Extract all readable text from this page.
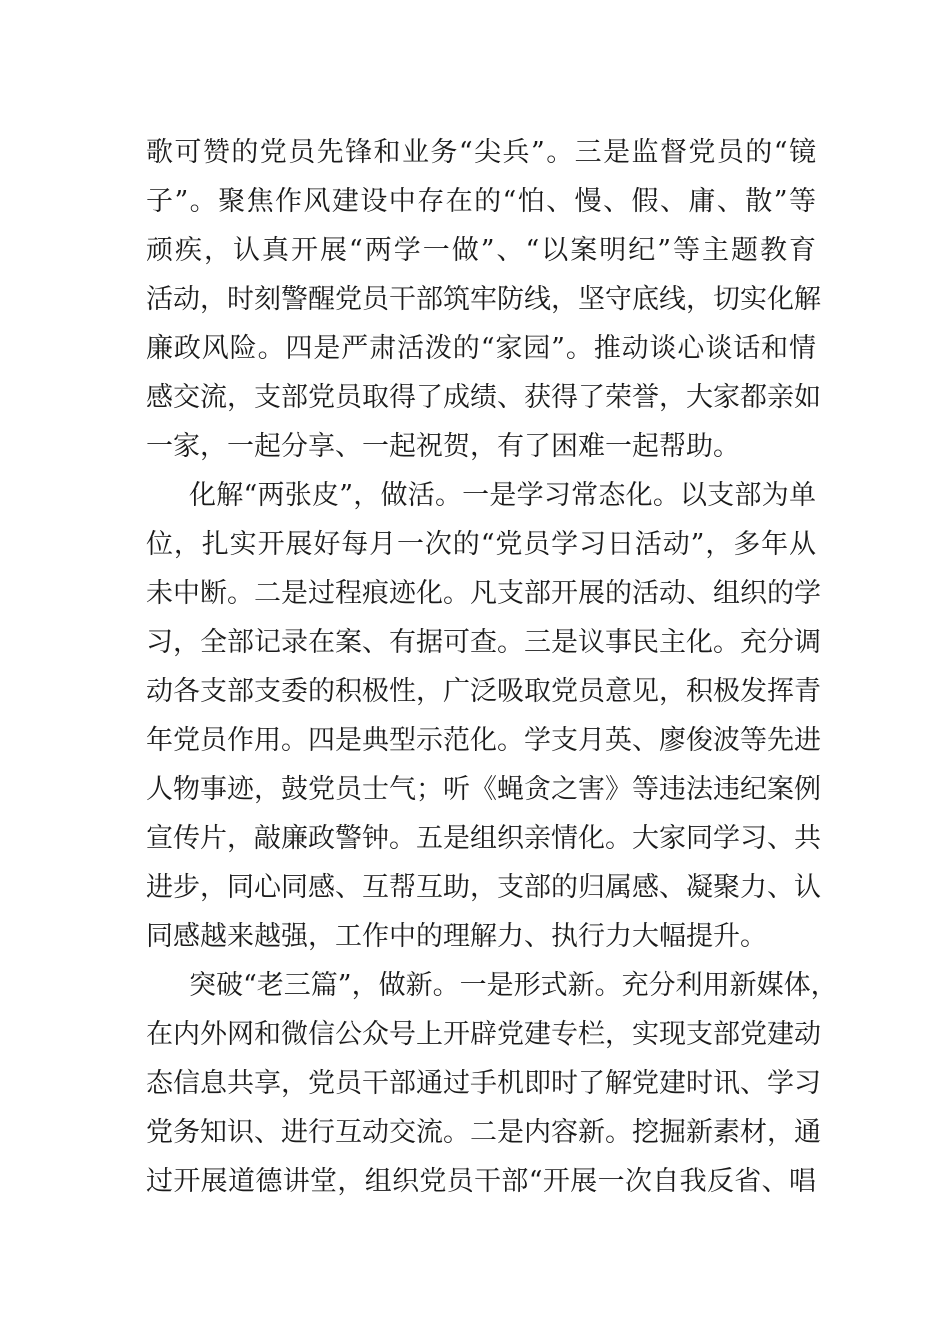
歌可赞的党员先锋和业务“尖兵”。三是监督党员的“镜
子”。聚焦作风建设中存在的“怕、慢、假、庸、散”等
顽疾，认真开展“两学一做”、“以案明纪”等主题教育
活动，时刻警醒党员干部筑牢防线，坚守底线，切实化解
廉政风险。四是严肃活泼的“家园”。推动谈心谈话和情
感交流，支部党员取得了成绩、获得了荣誉，大家都亲如
一家，一起分享、一起祝贺，有了困难一起帮助。
化解“两张皮”，做活。一是学习常态化。以支部为单
位，扎实开展好每月一次的“党员学习日活动”，多年从
未中断。二是过程痕迹化。凡支部开展的活动、组织的学
习，全部记录在案、有据可查。三是议事民主化。充分调
动各支部支委的积极性，广泛吸取党员意见，积极发挥青
年党员作用。四是典型示范化。学支月英、廖俊波等先进
人物事迹，鼓党员士气；听《蝇贪之害》等违法违纪案例
宣传片，敲廉政警钟。五是组织亲情化。大家同学习、共
进步，同心同感、互帮互助，支部的归属感、凝聚力、认
同感越来越强，工作中的理解力、执行力大幅提升。
突破“老三篇”，做新。一是形式新。充分利用新媒体，
在内外网和微信公众号上开辟党建专栏，实现支部党建动
态信息共享，党员干部通过手机即时了解党建时讯、学习
党务知识、进行互动交流。二是内容新。挖掘新素材，通
过开展道德讲堂，组织党员干部“开展一次自我反省、唱
